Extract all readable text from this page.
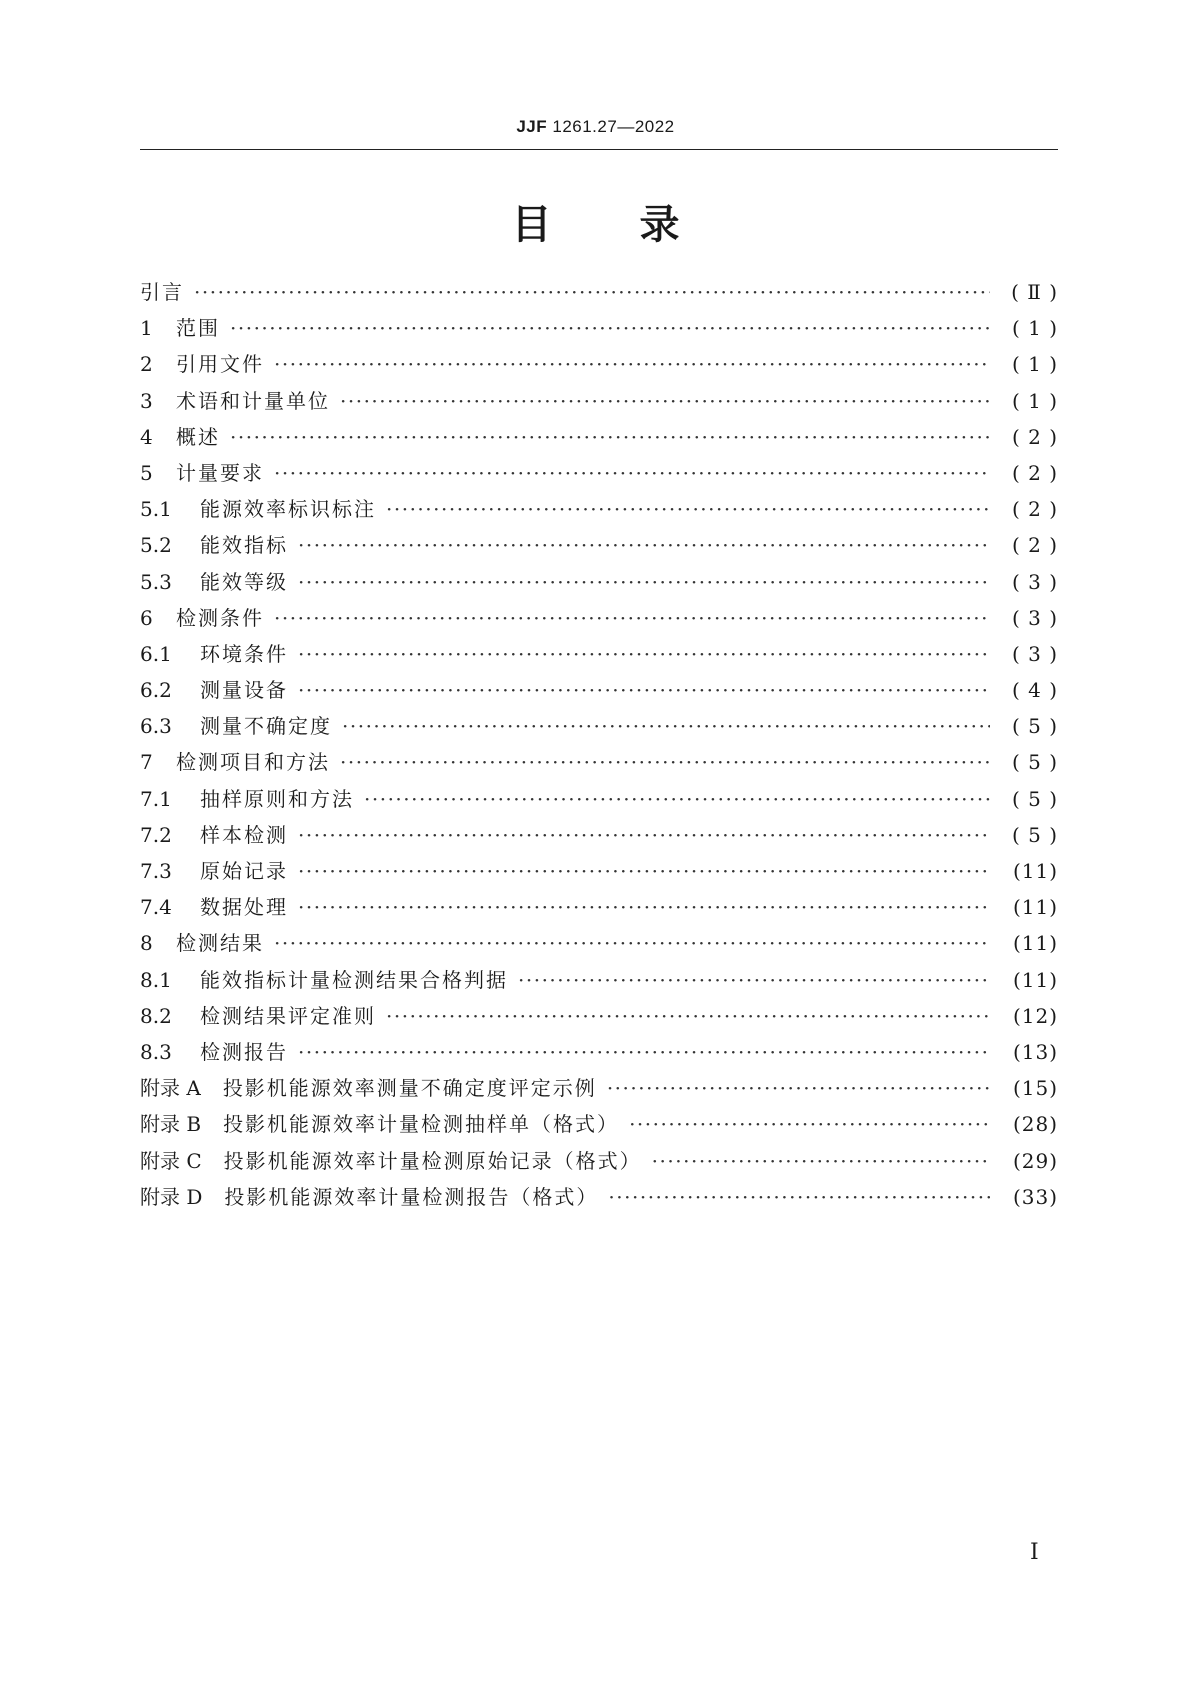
JJF 1261.27—2022
目录
引言 ·····	( Ⅱ )
1	范围 ·····	( 1 )
2	引用文件 ·····	( 1 )
3	术语和计量单位 ·····	( 1 )
4	概述 ·····	( 2 )
5	计量要求 ·····	( 2 )
5.1	能源效率标识标注 ·····	( 2 )
5.2	能效指标 ·····	( 2 )
5.3	能效等级 ·····	( 3 )
6	检测条件 ·····	( 3 )
6.1	环境条件 ·····	( 3 )
6.2	测量设备 ·····	( 4 )
6.3	测量不确定度 ·····	( 5 )
7	检测项目和方法 ·····	( 5 )
7.1	抽样原则和方法 ·····	( 5 )
7.2	样本检测 ·····	( 5 )
7.3	原始记录 ·····	(11)
7.4	数据处理 ·····	(11)
8	检测结果 ·····	(11)
8.1	能效指标计量检测结果合格判据 ·····	(11)
8.2	检测结果评定准则 ·····	(12)
8.3	检测报告 ·····	(13)
附录 A 投影机能源效率测量不确定度评定示例 ·····	(15)
附录 B 投影机能源效率计量检测抽样单（格式） ·····	(28)
附录 C 投影机能源效率计量检测原始记录（格式） ·····	(29)
附录 D 投影机能源效率计量检测报告（格式） ·····	(33)
Ⅰ
